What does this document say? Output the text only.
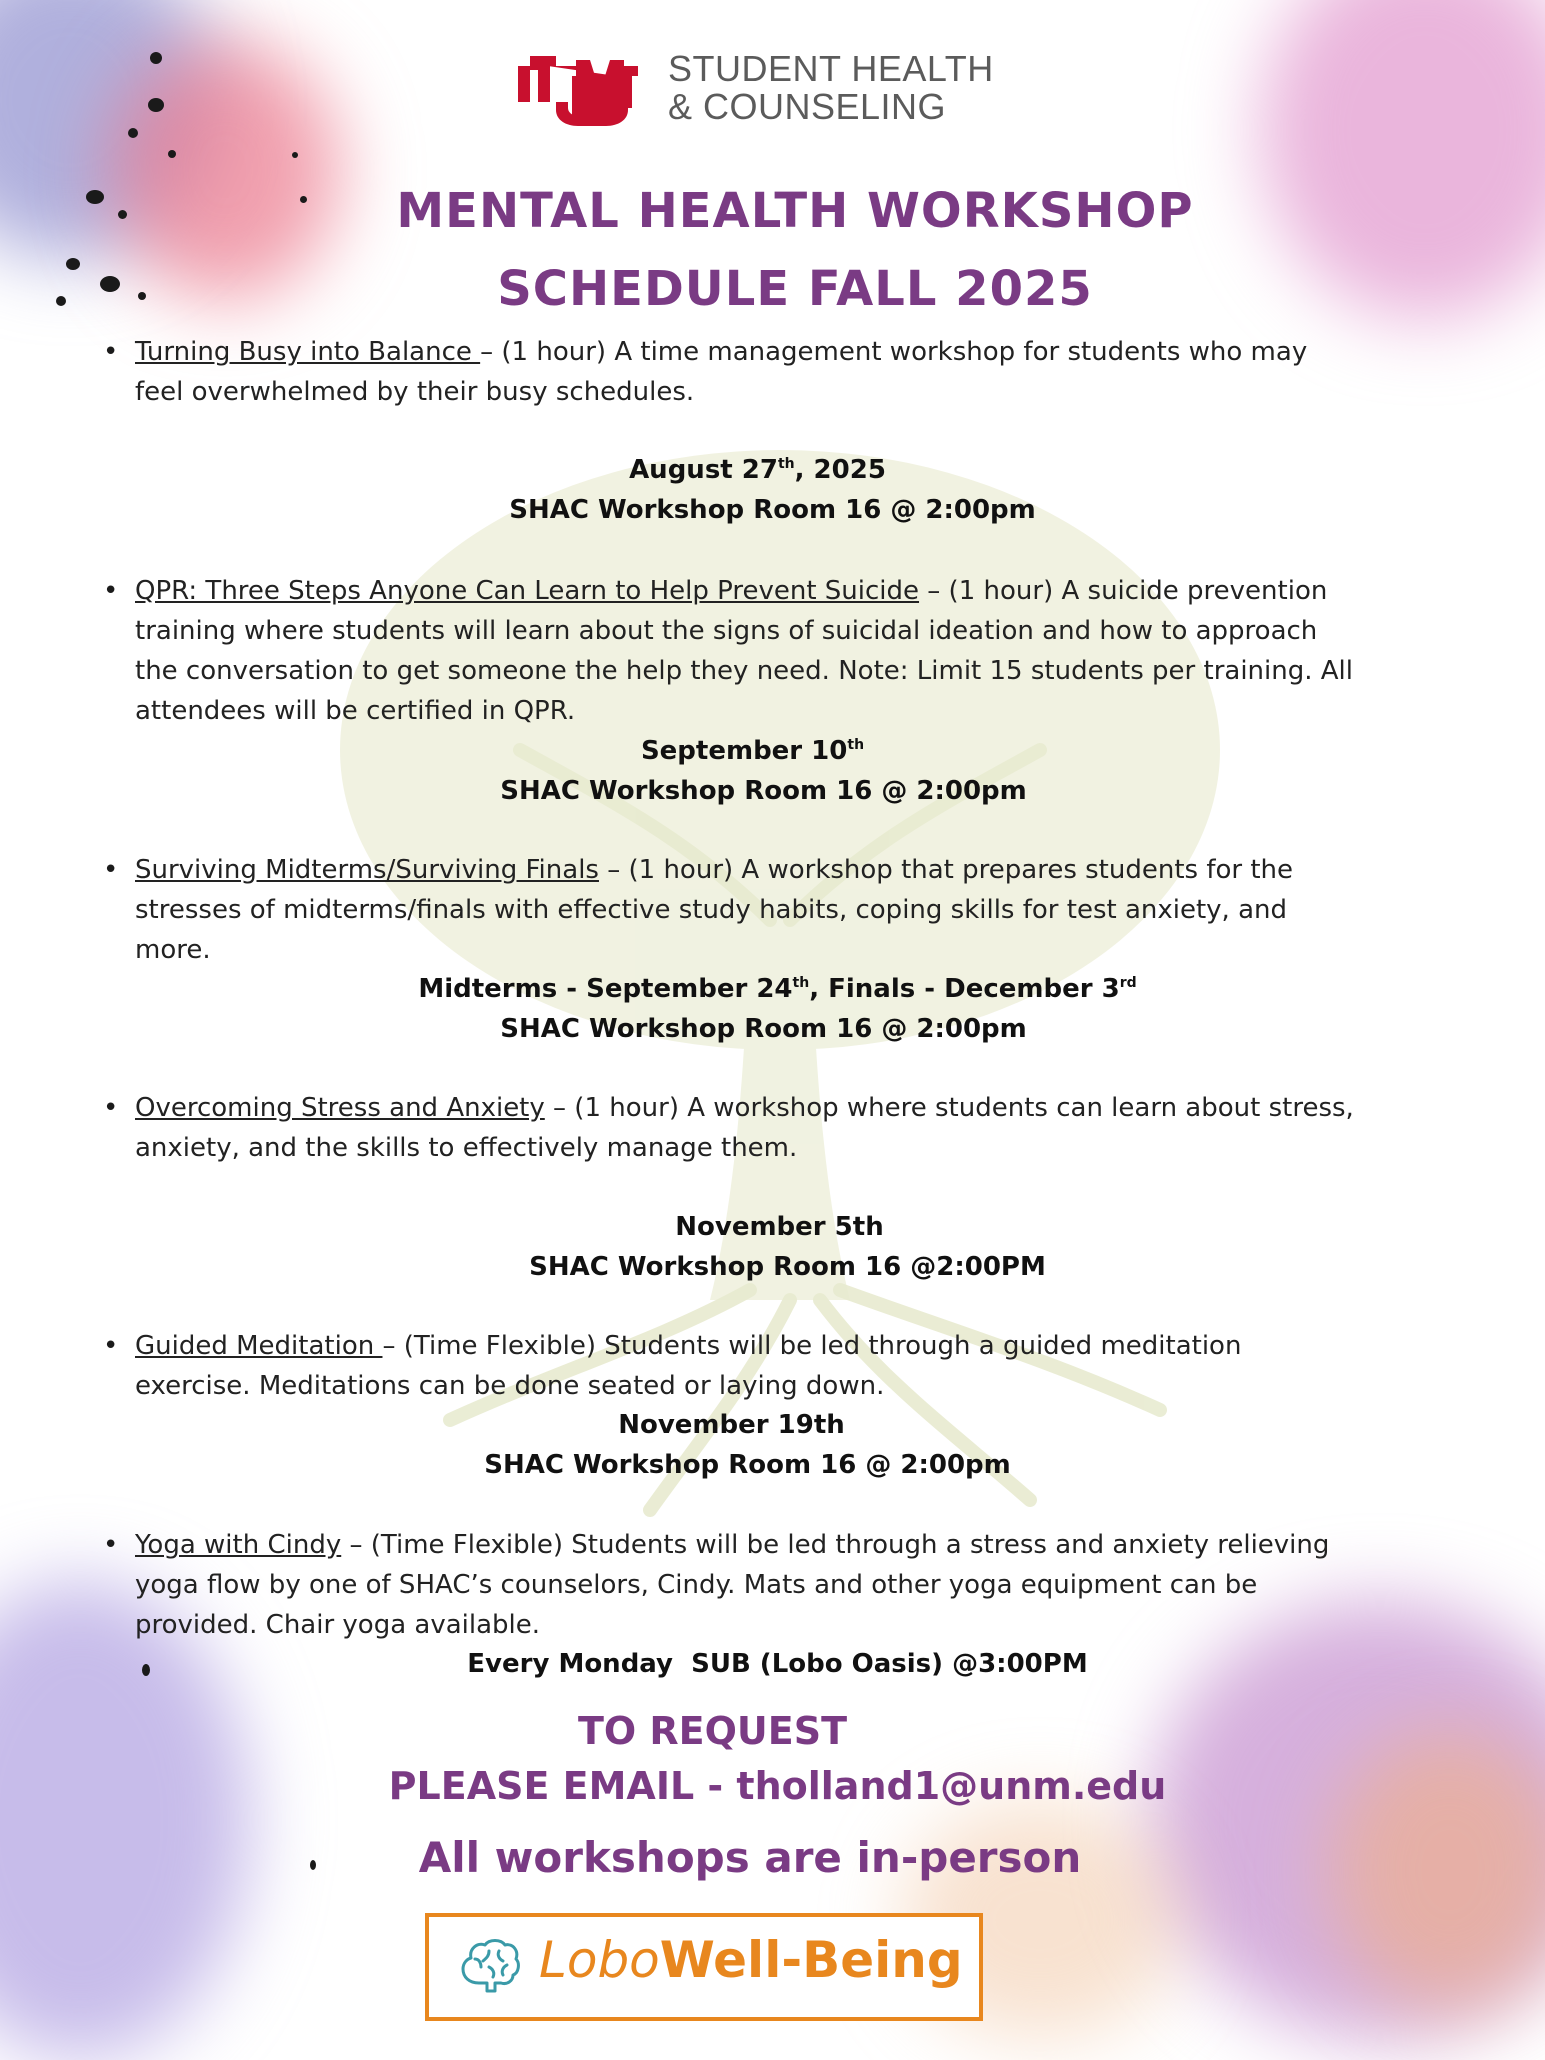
STUDENT HEALTH
& COUNSELING
MENTAL HEALTH WORKSHOP
SCHEDULE FALL 2025
• Turning Busy into Balance – (1 hour) A time management workshop for students who may
feel overwhelmed by their busy schedules.
August 27th, 2025
SHAC Workshop Room 16 @ 2:00pm
• QPR: Three Steps Anyone Can Learn to Help Prevent Suicide – (1 hour) A suicide prevention
training where students will learn about the signs of suicidal ideation and how to approach
the conversation to get someone the help they need. Note: Limit 15 students per training. All
attendees will be certified in QPR.
September 10th
SHAC Workshop Room 16 @ 2:00pm
• Surviving Midterms/Surviving Finals – (1 hour) A workshop that prepares students for the
stresses of midterms/finals with effective study habits, coping skills for test anxiety, and
more.
Midterms - September 24th, Finals - December 3rd
SHAC Workshop Room 16 @ 2:00pm
• Overcoming Stress and Anxiety – (1 hour) A workshop where students can learn about stress,
anxiety, and the skills to effectively manage them.
November 5th
SHAC Workshop Room 16 @2:00PM
• Guided Meditation – (Time Flexible) Students will be led through a guided meditation
exercise. Meditations can be done seated or laying down.
November 19th
SHAC Workshop Room 16 @ 2:00pm
• Yoga with Cindy – (Time Flexible) Students will be led through a stress and anxiety relieving
yoga flow by one of SHAC’s counselors, Cindy. Mats and other yoga equipment can be
provided. Chair yoga available.
Every Monday  SUB (Lobo Oasis) @3:00PM
TO REQUEST
PLEASE EMAIL - tholland1@unm.edu
All workshops are in-person
LoboWell-Being
